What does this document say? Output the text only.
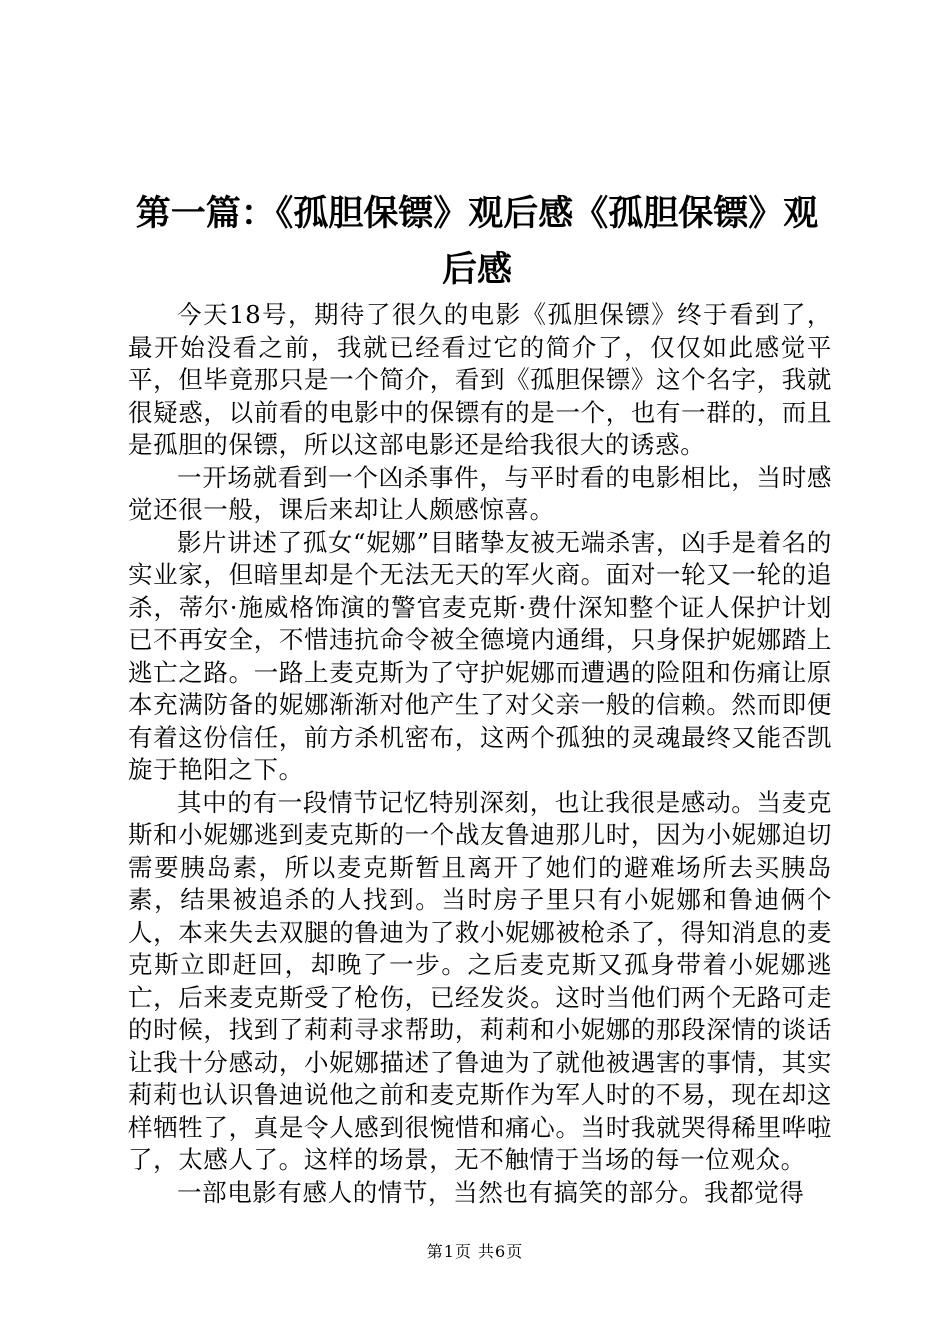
第一篇：《孤胆保镖》观后感《孤胆保镖》观
后感

今天18号，期待了很久的电影《孤胆保镖》终于看到了，最开始没看之前，我就已经看过它的简介了，仅仅如此感觉平平，但毕竟那只是一个简介，看到《孤胆保镖》这个名字，我就很疑惑，以前看的电影中的保镖有的是一个，也有一群的，而且是孤胆的保镖，所以这部电影还是给我很大的诱惑。

一开场就看到一个凶杀事件，与平时看的电影相比，当时感觉还很一般，课后来却让人颇感惊喜。

影片讲述了孤女“妮娜”目睹挚友被无端杀害，凶手是着名的实业家，但暗里却是个无法无天的军火商。面对一轮又一轮的追杀，蒂尔·施威格饰演的警官麦克斯·费什深知整个证人保护计划已不再安全，不惜违抗命令被全德境内通缉，只身保护妮娜踏上逃亡之路。一路上麦克斯为了守护妮娜而遭遇的险阻和伤痛让原本充满防备的妮娜渐渐对他产生了对父亲一般的信赖。然而即便有着这份信任，前方杀机密布，这两个孤独的灵魂最终又能否凯旋于艳阳之下。

其中的有一段情节记忆特别深刻，也让我很是感动。当麦克斯和小妮娜逃到麦克斯的一个战友鲁迪那儿时，因为小妮娜迫切需要胰岛素，所以麦克斯暂且离开了她们的避难场所去买胰岛素，结果被追杀的人找到。当时房子里只有小妮娜和鲁迪俩个人，本来失去双腿的鲁迪为了救小妮娜被枪杀了，得知消息的麦克斯立即赶回，却晚了一步。之后麦克斯又孤身带着小妮娜逃亡，后来麦克斯受了枪伤，已经发炎。这时当他们两个无路可走的时候，找到了莉莉寻求帮助，莉莉和小妮娜的那段深情的谈话让我十分感动，小妮娜描述了鲁迪为了就他被遇害的事情，其实莉莉也认识鲁迪说他之前和麦克斯作为军人时的不易，现在却这样牺牲了，真是令人感到很惋惜和痛心。当时我就哭得稀里哗啦了，太感人了。这样的场景，无不触情于当场的每一位观众。

一部电影有感人的情节，当然也有搞笑的部分。我都觉得

第1页 共6页
